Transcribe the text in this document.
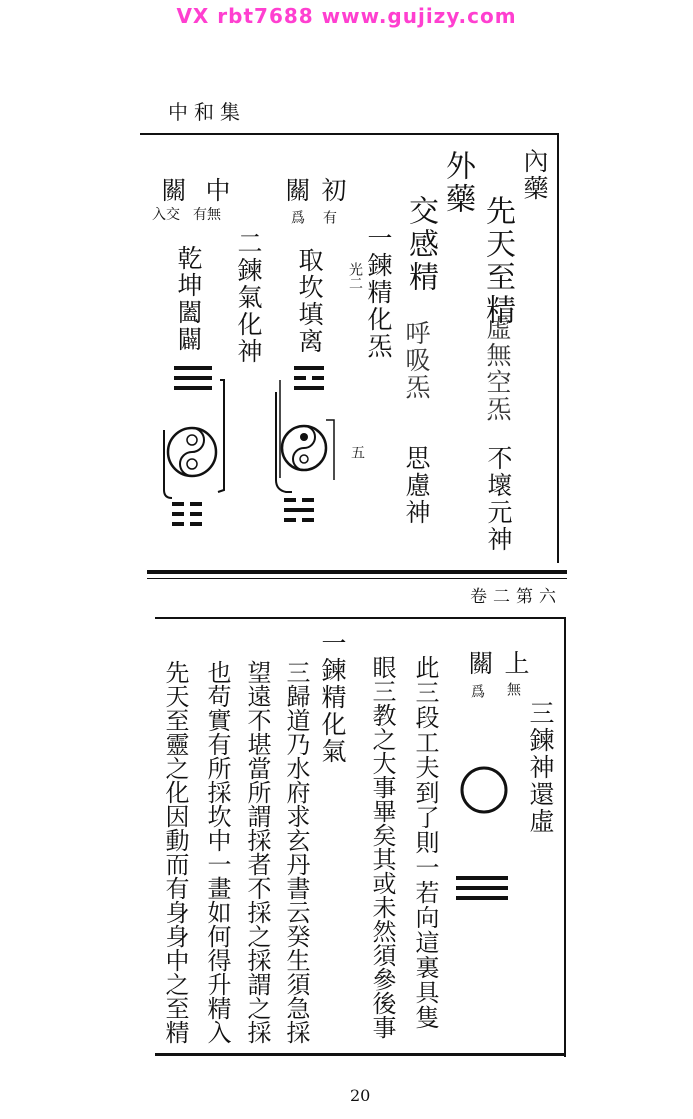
VX rbt7688 www.gujizy.com
中和集
內藥
外藥
先天至精
虛無空炁
不壞元神
交感精
呼吸炁
思慮神
一鍊精化炁
光二
初
有
關
爲
取坎填离
中
有無
關
入交
二鍊氣化神
乾坤闔闢
五
卷二第六
三鍊神還虛
上
無
關
爲
此三段工夫到了則一若向這裏具隻
眼三教之大事畢矣其或未然須參後事
一鍊精化氣
三歸道乃水府求玄丹書云癸生須急採
望遠不堪當所謂採者不採之採謂之採
也苟實有所採坎中一畫如何得升精入
先天至靈之化因動而有身身中之至精
20
